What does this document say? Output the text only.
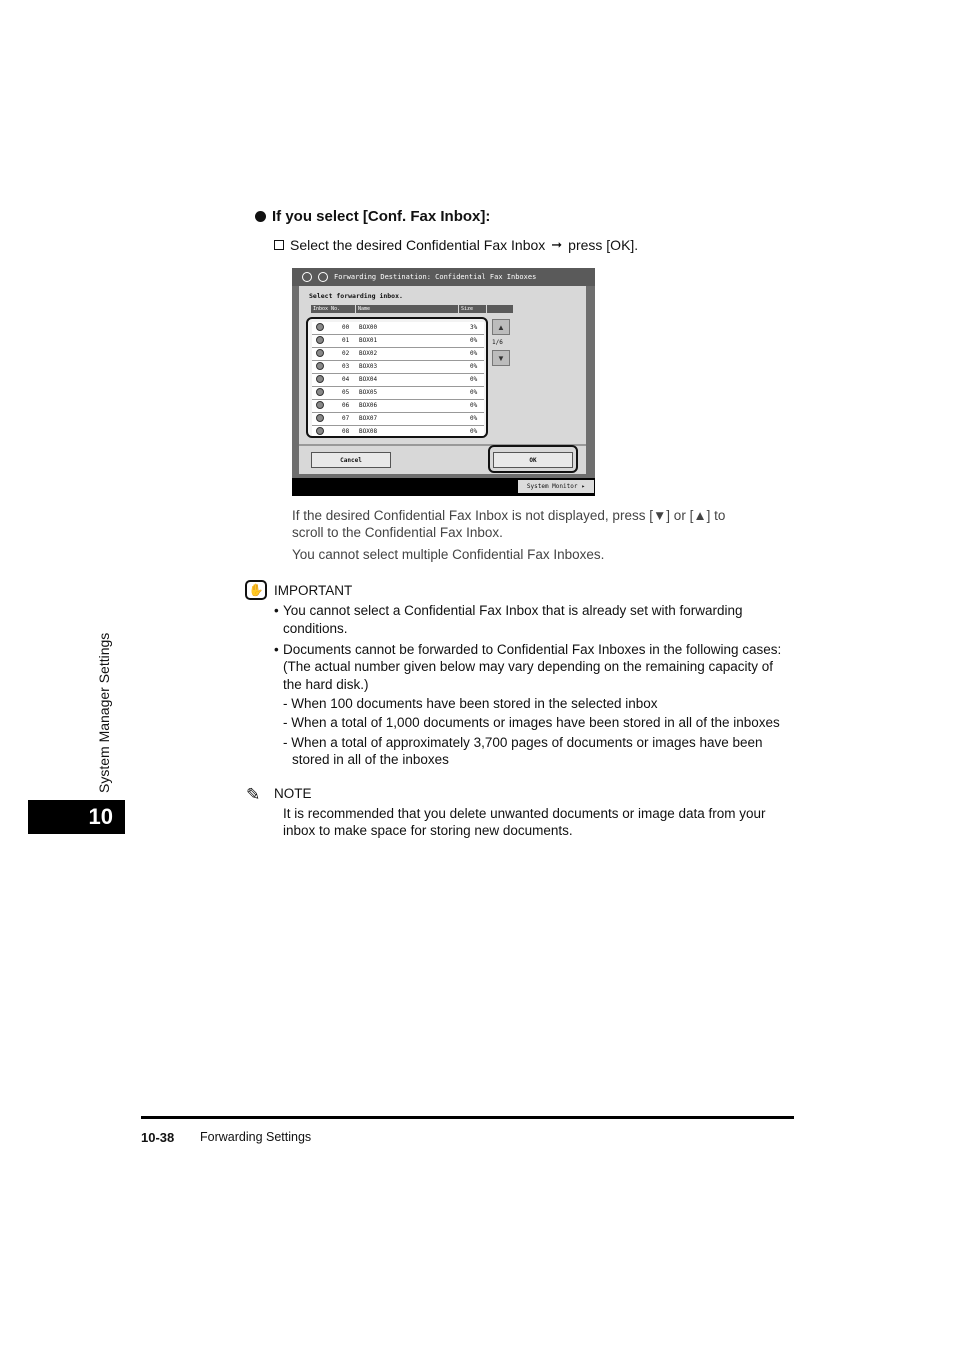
If you select [Conf. Fax Inbox]:
Select the desired Confidential Fax Inbox ➞ press [OK].
Forwarding Destination: Confidential Fax Inboxes
Select forwarding inbox.
Inbox No.	Name	Size
00 BOX00	3%
01 BOX01	0%
02 BOX02	0%
03 BOX03	0%
04 BOX04	0%
05 BOX05	0%
06 BOX06	0%
07 BOX07	0%
08 BOX08	0%
▲
1/6
▼
Cancel	OK
System Monitor ▸
If the desired Confidential Fax Inbox is not displayed, press [▼] or [▲] to
scroll to the Confidential Fax Inbox.
You cannot select multiple Confidential Fax Inboxes.
✋ IMPORTANT
• You cannot select a Confidential Fax Inbox that is already set with forwarding
conditions.
• Documents cannot be forwarded to Confidential Fax Inboxes in the following cases:
(The actual number given below may vary depending on the remaining capacity of
the hard disk.)
- When 100 documents have been stored in the selected inbox
- When a total of 1,000 documents or images have been stored in all of the inboxes
- When a total of approximately 3,700 pages of documents or images have been
stored in all of the inboxes
✎ NOTE
It is recommended that you delete unwanted documents or image data from your
inbox to make space for storing new documents.
System Manager Settings
10
10-38 Forwarding Settings
